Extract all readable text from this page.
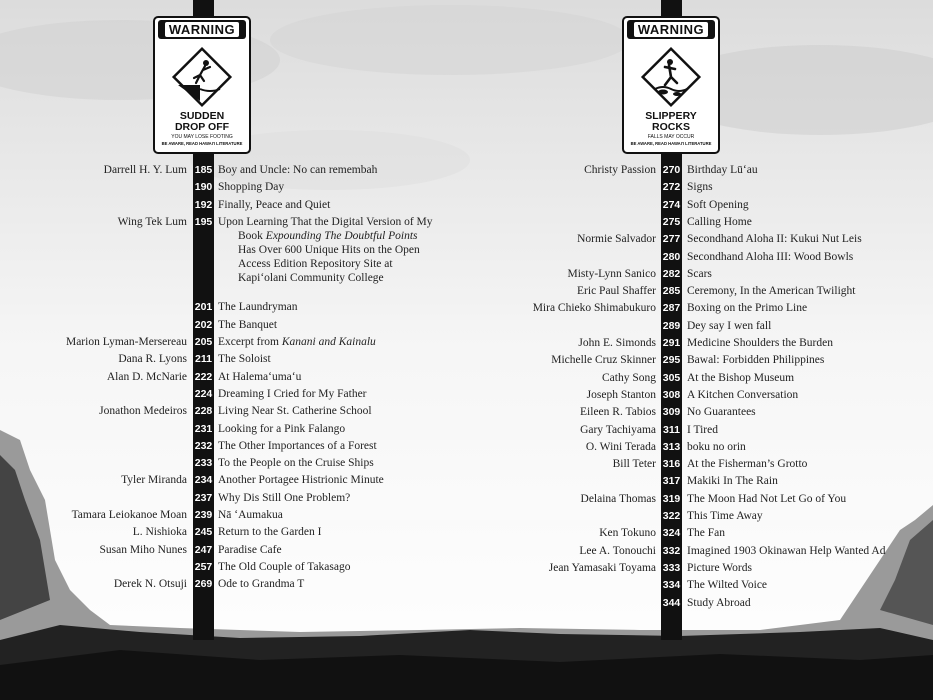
WARNING
SUDDEN
DROP OFF
YOU MAY LOSE FOOTING
BE AWARE, READ HAWAI'I LITERATURE
WARNING
SLIPPERY
ROCKS
FALLS MAY OCCUR
BE AWARE, READ HAWAI'I LITERATURE
Darrell H. Y. Lum 185 Boy and Uncle: No can remembah
190 Shopping Day
192 Finally, Peace and Quiet
Wing Tek Lum 195 Upon Learning That the Digital Version of My Book Expounding The Doubtful Points Has Over 600 Unique Hits on the Open Access Edition Repository Site at Kapi‘olani Community College
201 The Laundryman
202 The Banquet
Marion Lyman-Mersereau 205 Excerpt from Kanani and Kainalu
Dana R. Lyons 211 The Soloist
Alan D. McNarie 222 At Halema‘uma‘u
224 Dreaming I Cried for My Father
Jonathon Medeiros 228 Living Near St. Catherine School
231 Looking for a Pink Falango
232 The Other Importances of a Forest
233 To the People on the Cruise Ships
Tyler Miranda 234 Another Portagee Histrionic Minute
237 Why Dis Still One Problem?
Tamara Leiokanoe Moan 239 Nā ‘Aumakua
L. Nishioka 245 Return to the Garden I
Susan Miho Nunes 247 Paradise Cafe
257 The Old Couple of Takasago
Derek N. Otsuji 269 Ode to Grandma T
Christy Passion 270 Birthday Lū‘au
272 Signs
274 Soft Opening
275 Calling Home
Normie Salvador 277 Secondhand Aloha II: Kukui Nut Leis
280 Secondhand Aloha III: Wood Bowls
Misty-Lynn Sanico 282 Scars
Eric Paul Shaffer 285 Ceremony, In the American Twilight
Mira Chieko Shimabukuro 287 Boxing on the Primo Line
289 Dey say I wen fall
John E. Simonds 291 Medicine Shoulders the Burden
Michelle Cruz Skinner 295 Bawal: Forbidden Philippines
Cathy Song 305 At the Bishop Museum
Joseph Stanton 308 A Kitchen Conversation
Eileen R. Tabios 309 No Guarantees
Gary Tachiyama 311 I Tired
O. Wini Terada 313 boku no orin
Bill Teter 316 At the Fisherman’s Grotto
317 Makiki In The Rain
Delaina Thomas 319 The Moon Had Not Let Go of You
322 This Time Away
Ken Tokuno 324 The Fan
Lee A. Tonouchi 332 Imagined 1903 Okinawan Help Wanted Ad
Jean Yamasaki Toyama 333 Picture Words
334 The Wilted Voice
344 Study Abroad
